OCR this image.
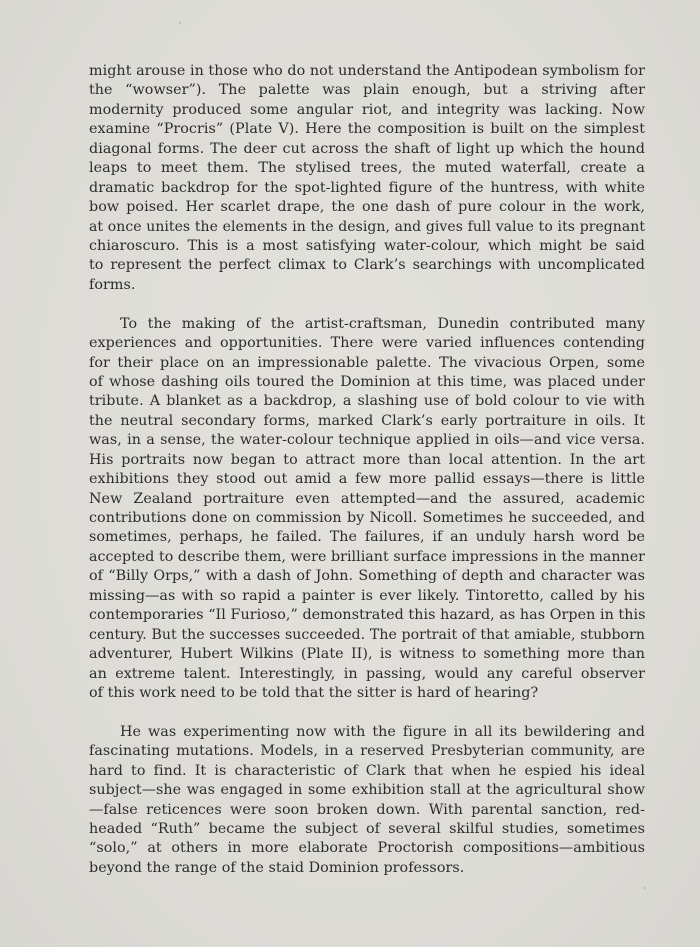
might arouse in those who do not understand the Antipodean symbolism for
the “wowser”). The palette was plain enough, but a striving after
modernity produced some angular riot, and integrity was lacking. Now
examine “Procris” (Plate V). Here the composition is built on the simplest
diagonal forms. The deer cut across the shaft of light up which the hound
leaps to meet them. The stylised trees, the muted waterfall, create a
dramatic backdrop for the spot-lighted figure of the huntress, with white
bow poised. Her scarlet drape, the one dash of pure colour in the work,
at once unites the elements in the design, and gives full value to its pregnant
chiaroscuro. This is a most satisfying water-colour, which might be said
to represent the perfect climax to Clark’s searchings with uncomplicated
forms.
To the making of the artist-craftsman, Dunedin contributed many
experiences and opportunities. There were varied influences contending
for their place on an impressionable palette. The vivacious Orpen, some
of whose dashing oils toured the Dominion at this time, was placed under
tribute. A blanket as a backdrop, a slashing use of bold colour to vie with
the neutral secondary forms, marked Clark’s early portraiture in oils. It
was, in a sense, the water-colour technique applied in oils—and vice versa.
His portraits now began to attract more than local attention. In the art
exhibitions they stood out amid a few more pallid essays—there is little
New Zealand portraiture even attempted—and the assured, academic
contributions done on commission by Nicoll. Sometimes he succeeded, and
sometimes, perhaps, he failed. The failures, if an unduly harsh word be
accepted to describe them, were brilliant surface impressions in the manner
of “Billy Orps,” with a dash of John. Something of depth and character was
missing—as with so rapid a painter is ever likely. Tintoretto, called by his
contemporaries “Il Furioso,” demonstrated this hazard, as has Orpen in this
century. But the successes succeeded. The portrait of that amiable, stubborn
adventurer, Hubert Wilkins (Plate II), is witness to something more than
an extreme talent. Interestingly, in passing, would any careful observer
of this work need to be told that the sitter is hard of hearing?
He was experimenting now with the figure in all its bewildering and
fascinating mutations. Models, in a reserved Presbyterian community, are
hard to find. It is characteristic of Clark that when he espied his ideal
subject—she was engaged in some exhibition stall at the agricultural show
—false reticences were soon broken down. With parental sanction, red-
headed “Ruth” became the subject of several skilful studies, sometimes
“solo,” at others in more elaborate Proctorish compositions—ambitious
beyond the range of the staid Dominion professors.
